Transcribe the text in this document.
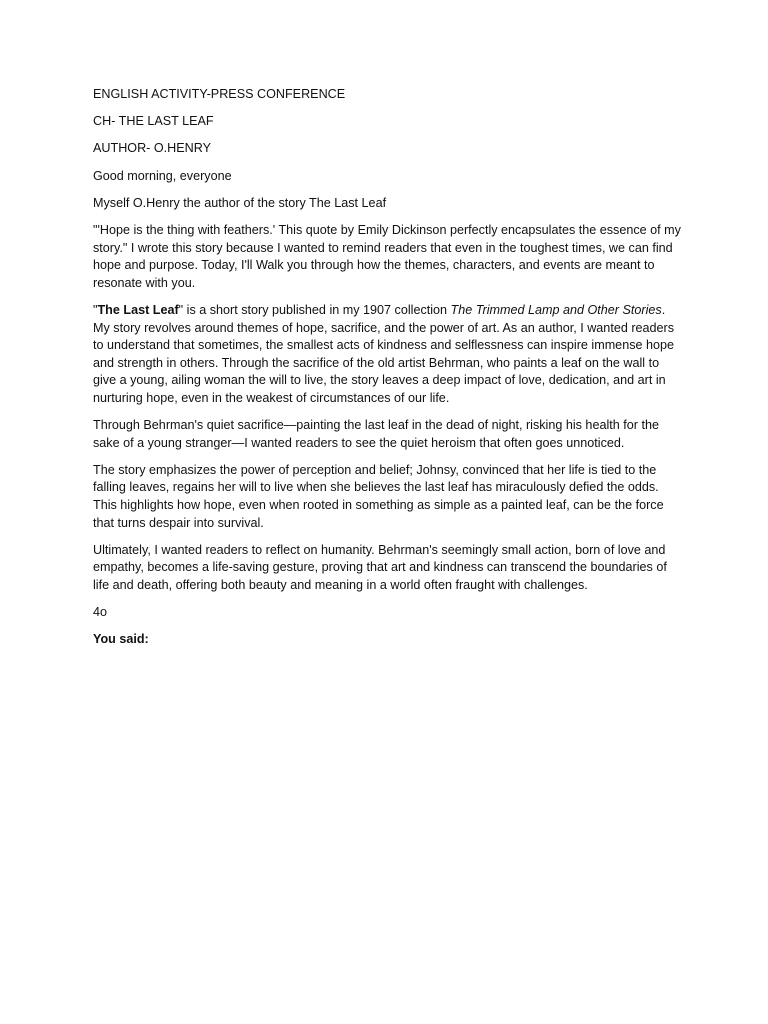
ENGLISH ACTIVITY-PRESS CONFERENCE

CH- THE LAST LEAF

AUTHOR- O.HENRY

Good morning, everyone

Myself O.Henry the author of the story The Last Leaf

"'Hope is the thing with feathers.' This quote by Emily Dickinson perfectly encapsulates the essence of my story." I wrote this story because I wanted to remind readers that even in the toughest times, we can find hope and purpose. Today, I'll Walk you through how the themes, characters, and events are meant to resonate with you.

"The Last Leaf" is a short story published in my 1907 collection The Trimmed Lamp and Other Stories. My story revolves around themes of hope, sacrifice, and the power of art. As an author, I wanted readers to understand that sometimes, the smallest acts of kindness and selflessness can inspire immense hope and strength in others. Through the sacrifice of the old artist Behrman, who paints a leaf on the wall to give a young, ailing woman the will to live, the story leaves a deep impact of love, dedication, and art in nurturing hope, even in the weakest of circumstances of our life.

Through Behrman's quiet sacrifice—painting the last leaf in the dead of night, risking his health for the sake of a young stranger—I wanted readers to see the quiet heroism that often goes unnoticed.

The story emphasizes the power of perception and belief; Johnsy, convinced that her life is tied to the falling leaves, regains her will to live when she believes the last leaf has miraculously defied the odds. This highlights how hope, even when rooted in something as simple as a painted leaf, can be the force that turns despair into survival.

Ultimately, I wanted readers to reflect on humanity. Behrman's seemingly small action, born of love and empathy, becomes a life-saving gesture, proving that art and kindness can transcend the boundaries of life and death, offering both beauty and meaning in a world often fraught with challenges.

4o

You said:
